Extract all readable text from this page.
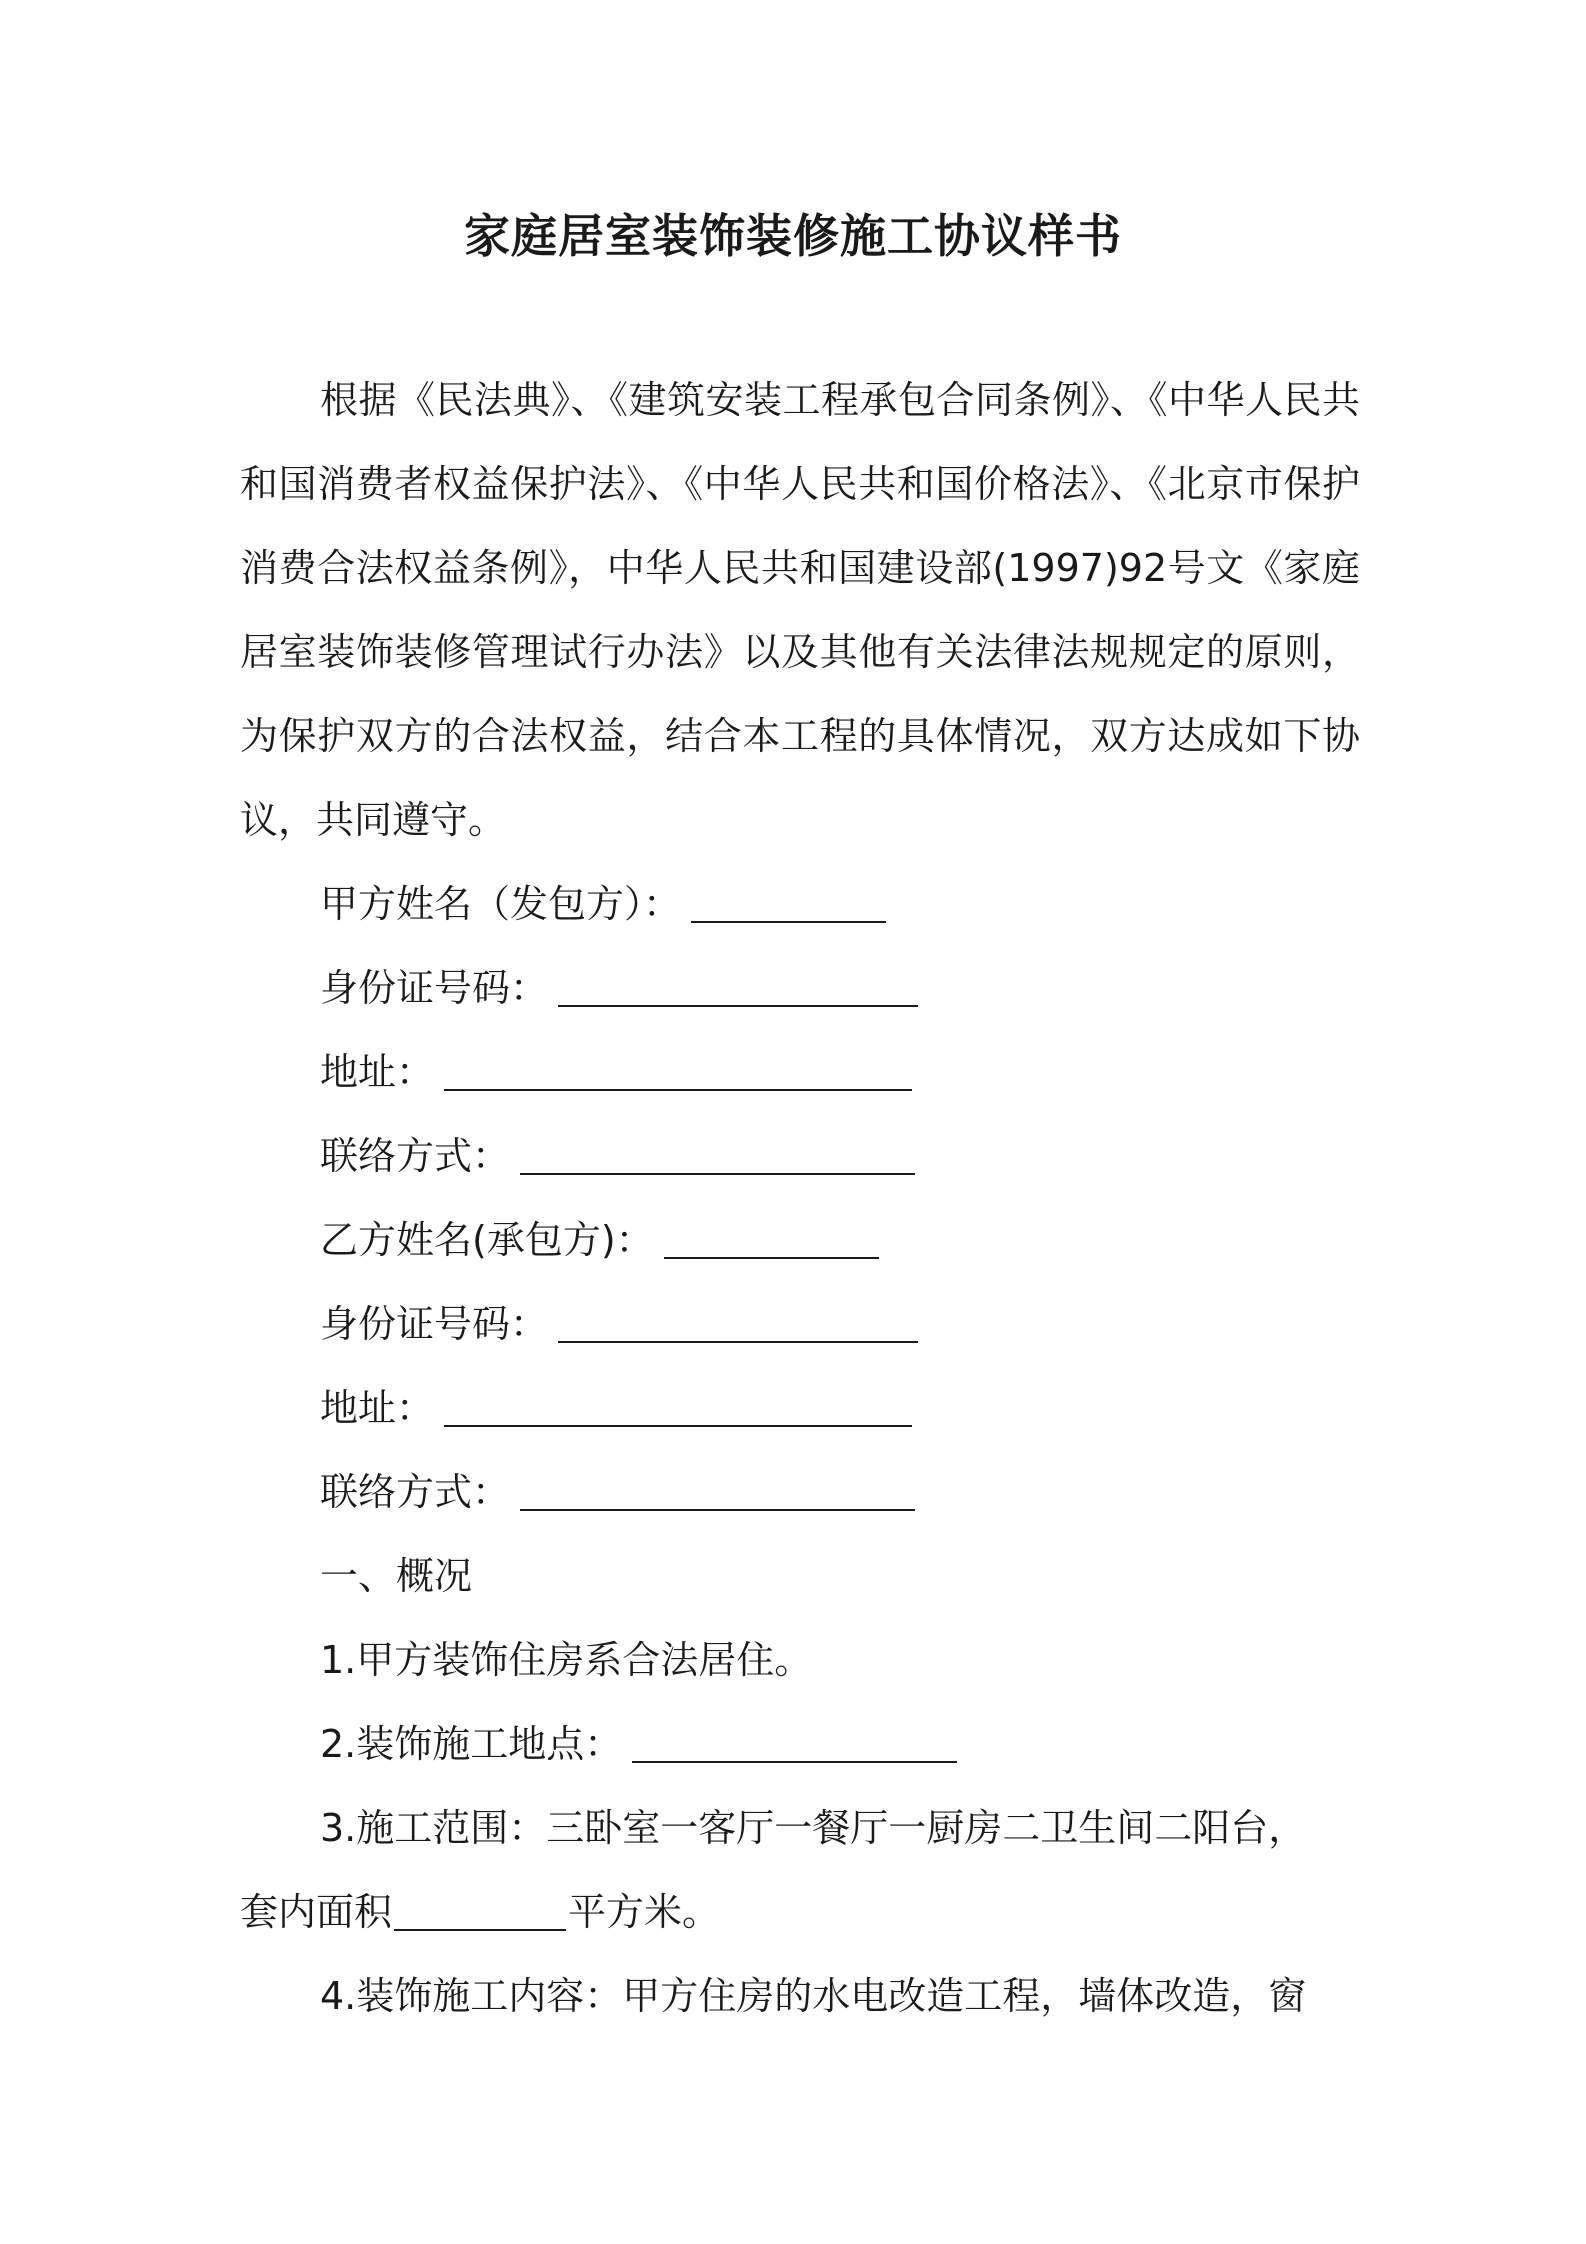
家庭居室装饰装修施工协议样书
根据《民法典》、《建筑安装工程承包合同条例》、《中华人民共和国消费者权益保护法》、《中华人民共和国价格法》、《北京市保护消费合法权益条例》，中华人民共和国建设部(1997)92号文《家庭居室装饰装修管理试行办法》以及其他有关法律法规规定的原则，为保护双方的合法权益，结合本工程的具体情况，双方达成如下协议，共同遵守。
甲方姓名（发包方）：
身份证号码：
地址：
联络方式：
乙方姓名(承包方)：
身份证号码：
地址：
联络方式：
一、概况
1.甲方装饰住房系合法居住。
2.装饰施工地点：
3.施工范围：三卧室一客厅一餐厅一厨房二卫生间二阳台，
套内面积	平方米。
4.装饰施工内容：甲方住房的水电改造工程，墙体改造，窗
